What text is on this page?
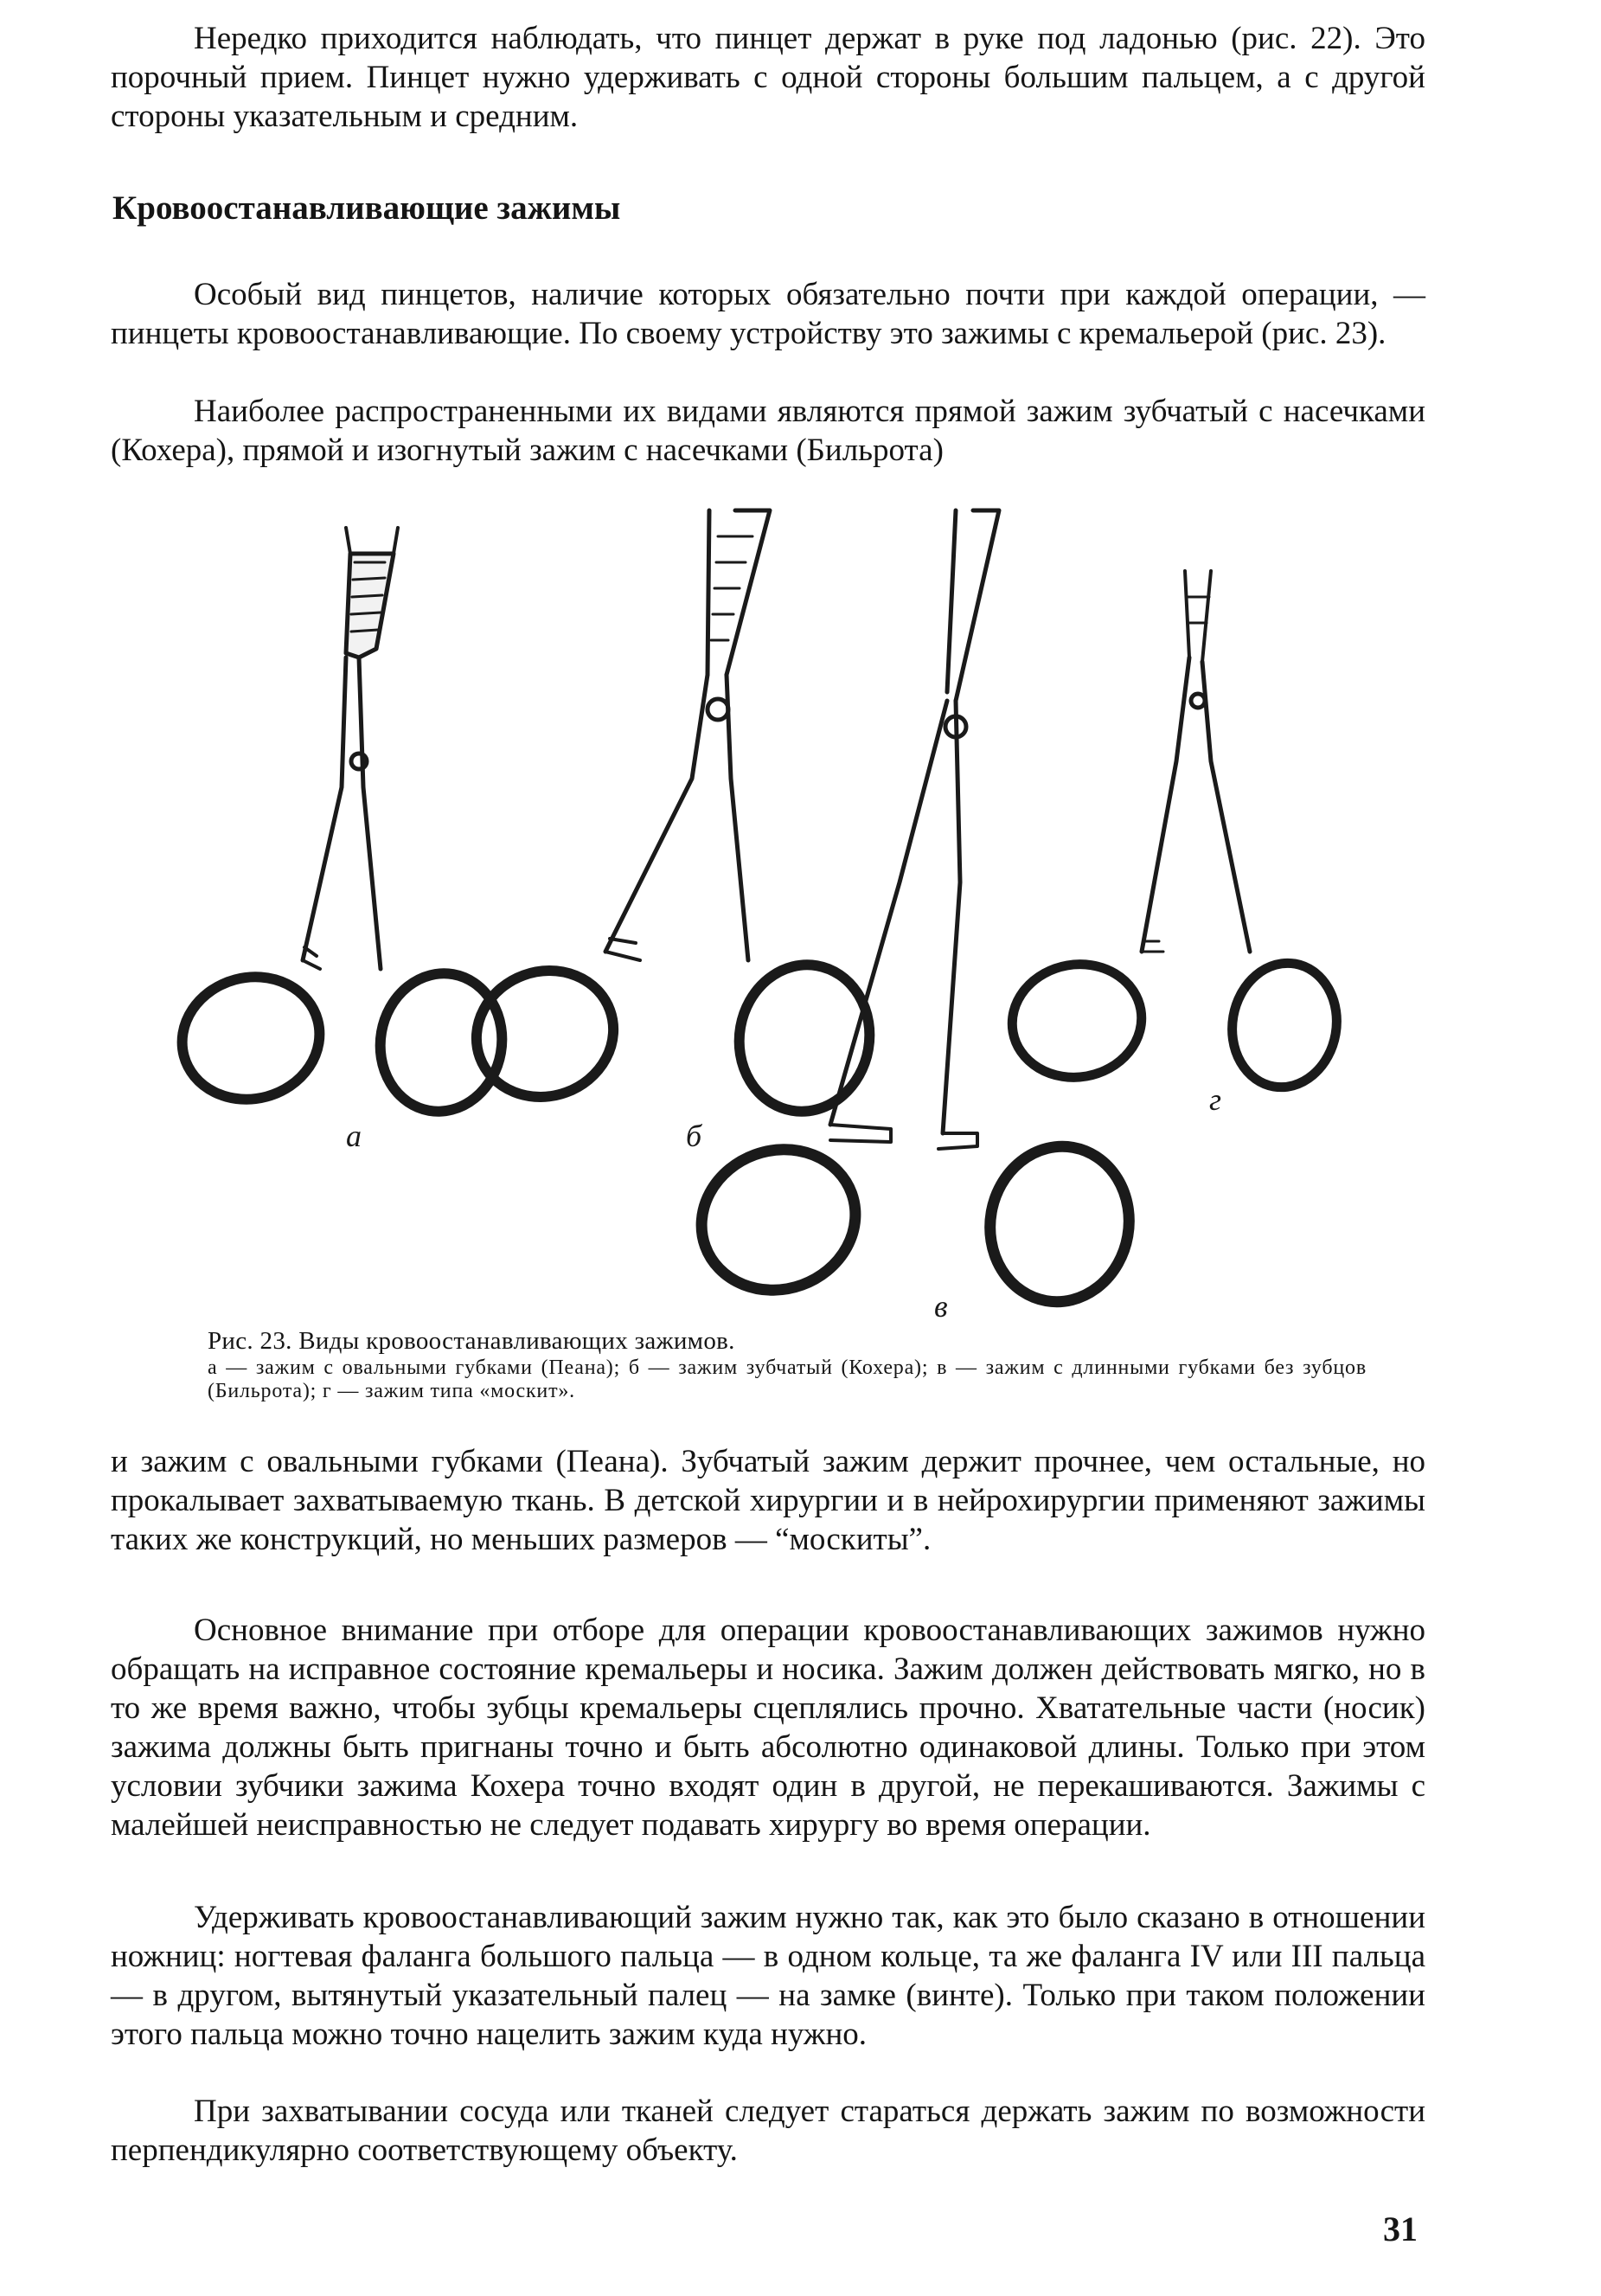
Нередко приходится наблюдать, что пинцет держат в руке под ладонью (рис. 22). Это порочный прием. Пинцет нужно удерживать с одной стороны большим пальцем, а с другой стороны указательным и средним.

Кровоостанавливающие зажимы

Особый вид пинцетов, наличие которых обязательно почти при каждой операции, — пинцеты кровоостанавливающие. По своему устройству это зажимы с кремальерой (рис. 23).

Наиболее распространенными их видами являются прямой зажим зубчатый с насечками (Кохера), прямой и изогнутый зажим с насечками (Бильрота)

а	б
в
г
Рис. 23. Виды кровоостанавливающих зажимов.
а — зажим с овальными губками (Пеана); б — зажим зубчатый (Кохера); в — зажим с длинными губками без зубцов (Бильрота); г — зажим типа «москит».

и зажим с овальными губками (Пеана). Зубчатый зажим держит прочнее, чем остальные, но прокалывает захватываемую ткань. В детской хирургии и в нейрохирургии применяют зажимы таких же конструкций, но меньших размеров — “москиты”.

Основное внимание при отборе для операции кровоостанавливающих зажимов нужно обращать на исправное состояние кремальеры и носика. Зажим должен действовать мягко, но в то же время важно, чтобы зубцы кремальеры сцеплялись прочно. Хватательные части (носик) зажима должны быть пригнаны точно и быть абсолютно одинаковой длины. Только при этом условии зубчики зажима Кохера точно входят один в другой, не перекашиваются. Зажимы с малейшей неисправностью не следует подавать хирургу во время операции.

Удерживать кровоостанавливающий зажим нужно так, как это было сказано в отношении ножниц: ногтевая фаланга большого пальца — в одном кольце, та же фаланга IV или III пальца — в другом, вытянутый указательный палец — на замке (винте). Только при таком положении этого пальца можно точно нацелить зажим куда нужно.

При захватывании сосуда или тканей следует стараться держать зажим по возможности перпендикулярно соответствующему объекту.

31
